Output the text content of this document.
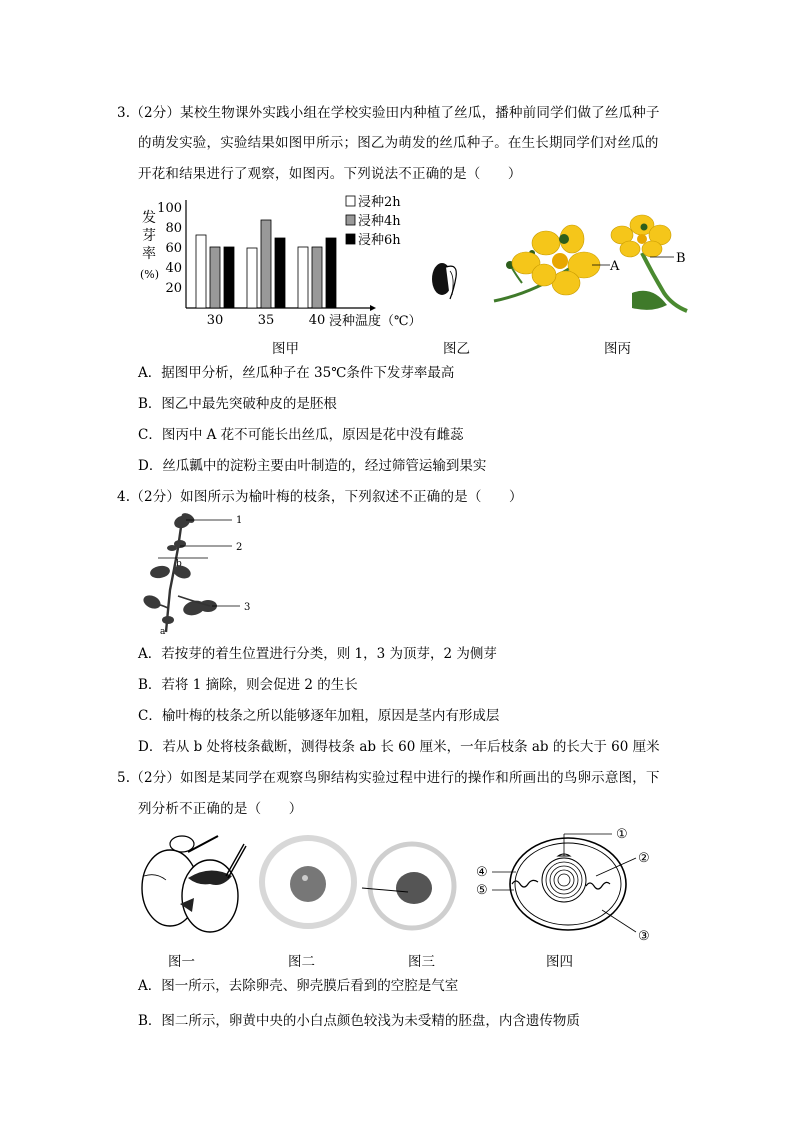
3.（2分）某校生物课外实践小组在学校实验田内种植了丝瓜，播种前同学们做了丝瓜种子
的萌发实验，实验结果如图甲所示；图乙为萌发的丝瓜种子。在生长期同学们对丝瓜的
开花和结果进行了观察，如图丙。下列说法不正确的是（　　）
20
40
60
80
100
发
芽
率
(%)
30	35	40 浸种温度（℃）
浸种2h
浸种4h
浸种6h
A
B
图甲	图乙	图丙
A．据图甲分析，丝瓜种子在 35℃条件下发芽率最高
B．图乙中最先突破种皮的是胚根
C．图丙中 A 花不可能长出丝瓜，原因是花中没有雌蕊
D．丝瓜瓤中的淀粉主要由叶制造的，经过筛管运输到果实
4.（2分）如图所示为榆叶梅的枝条，下列叙述不正确的是（　　）
1
2
3
a
b
A．若按芽的着生位置进行分类，则 1，3 为顶芽，2 为侧芽
B．若将 1 摘除，则会促进 2 的生长
C．榆叶梅的枝条之所以能够逐年加粗，原因是茎内有形成层
D．若从 b 处将枝条截断，测得枝条 ab 长 60 厘米，一年后枝条 ab 的长大于 60 厘米
5.（2分）如图是某同学在观察鸟卵结构实验过程中进行的操作和所画出的鸟卵示意图，下
列分析不正确的是（　　）
①
②
③
④
⑤
图一	图二	图三	图四
A．图一所示，去除卵壳、卵壳膜后看到的空腔是气室
B．图二所示，卵黄中央的小白点颜色较浅为未受精的胚盘，内含遗传物质
